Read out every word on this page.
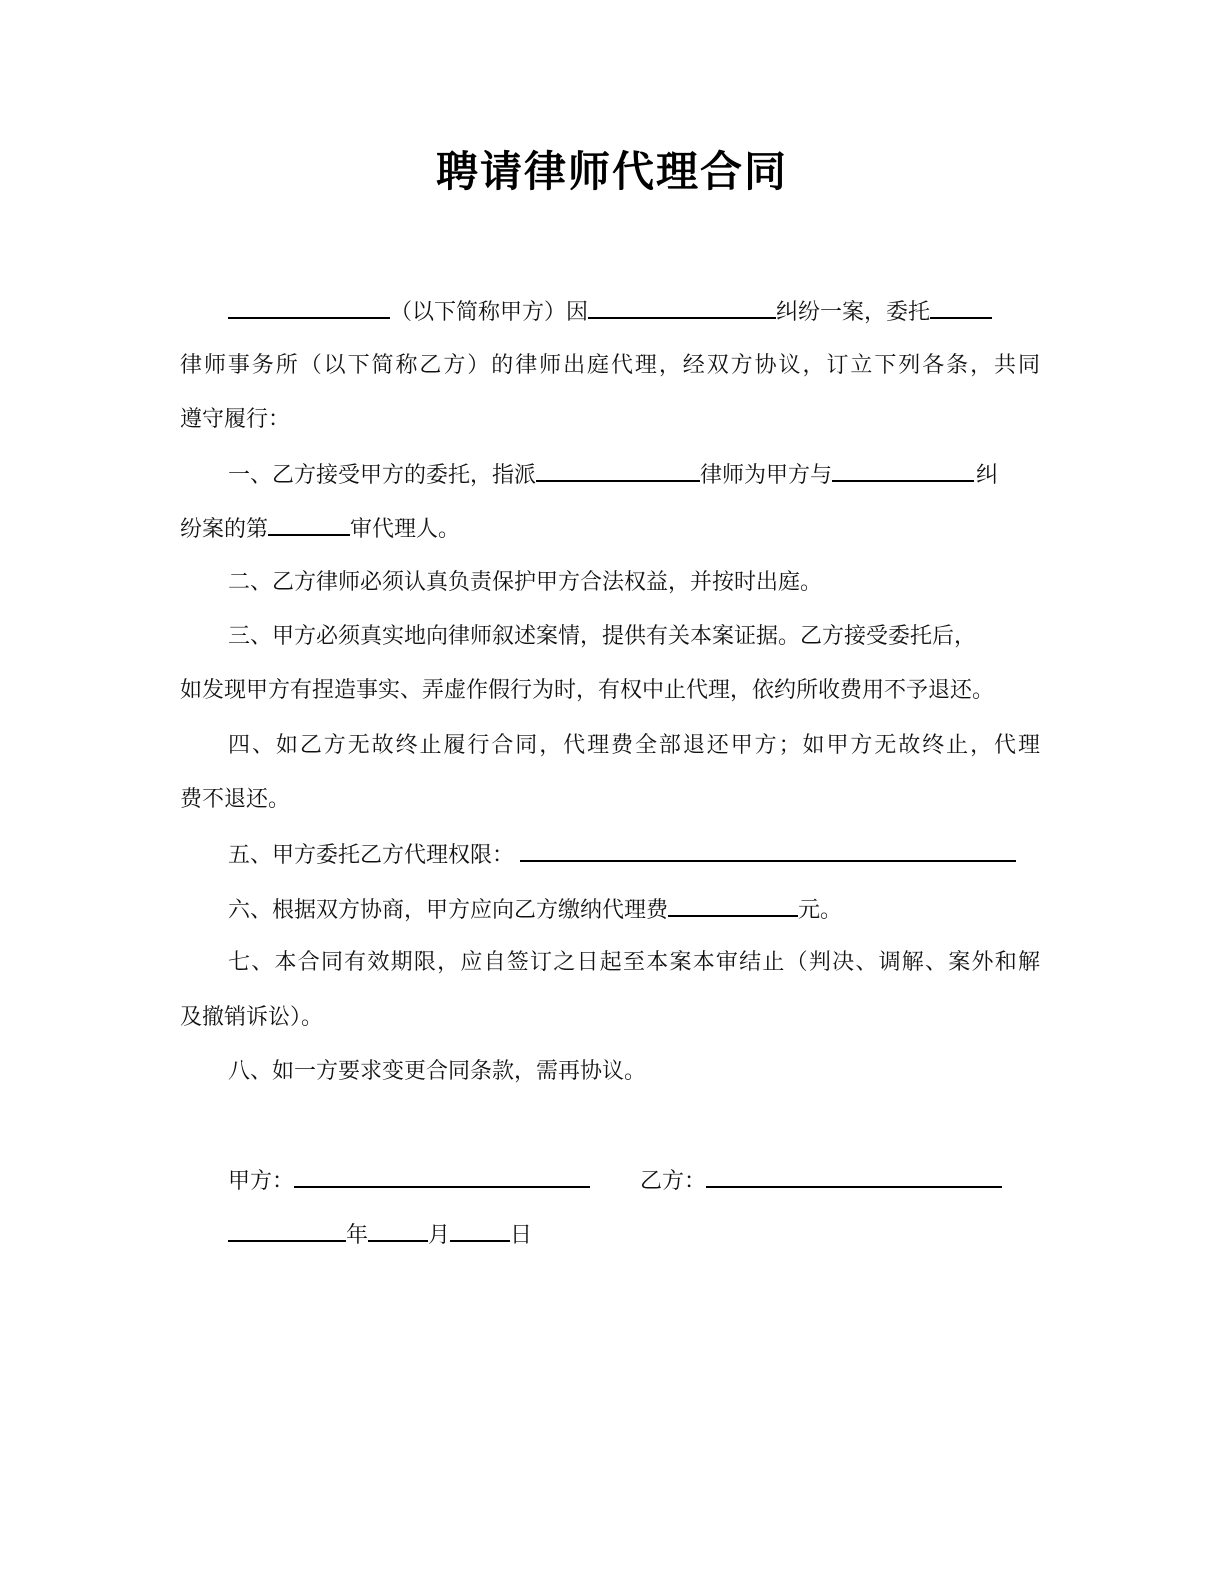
聘请律师代理合同
（以下简称甲方）因	纠纷一案，委托
律师事务所（以下简称乙方）的律师出庭代理，经双方协议，订立下列各条，共同
遵守履行：
一、乙方接受甲方的委托，指派	律师为甲方与	纠
纷案的第	审代理人。
二、乙方律师必须认真负责保护甲方合法权益，并按时出庭。
三、甲方必须真实地向律师叙述案情，提供有关本案证据。乙方接受委托后，
如发现甲方有捏造事实、弄虚作假行为时，有权中止代理，依约所收费用不予退还。
四、如乙方无故终止履行合同，代理费全部退还甲方；如甲方无故终止，代理
费不退还。
五、甲方委托乙方代理权限：
六、根据双方协商，甲方应向乙方缴纳代理费	元。
七、本合同有效期限，应自签订之日起至本案本审结止（判决、调解、案外和解
及撤销诉讼）。
八、如一方要求变更合同条款，需再协议。
甲方：	乙方：
年	月	日
